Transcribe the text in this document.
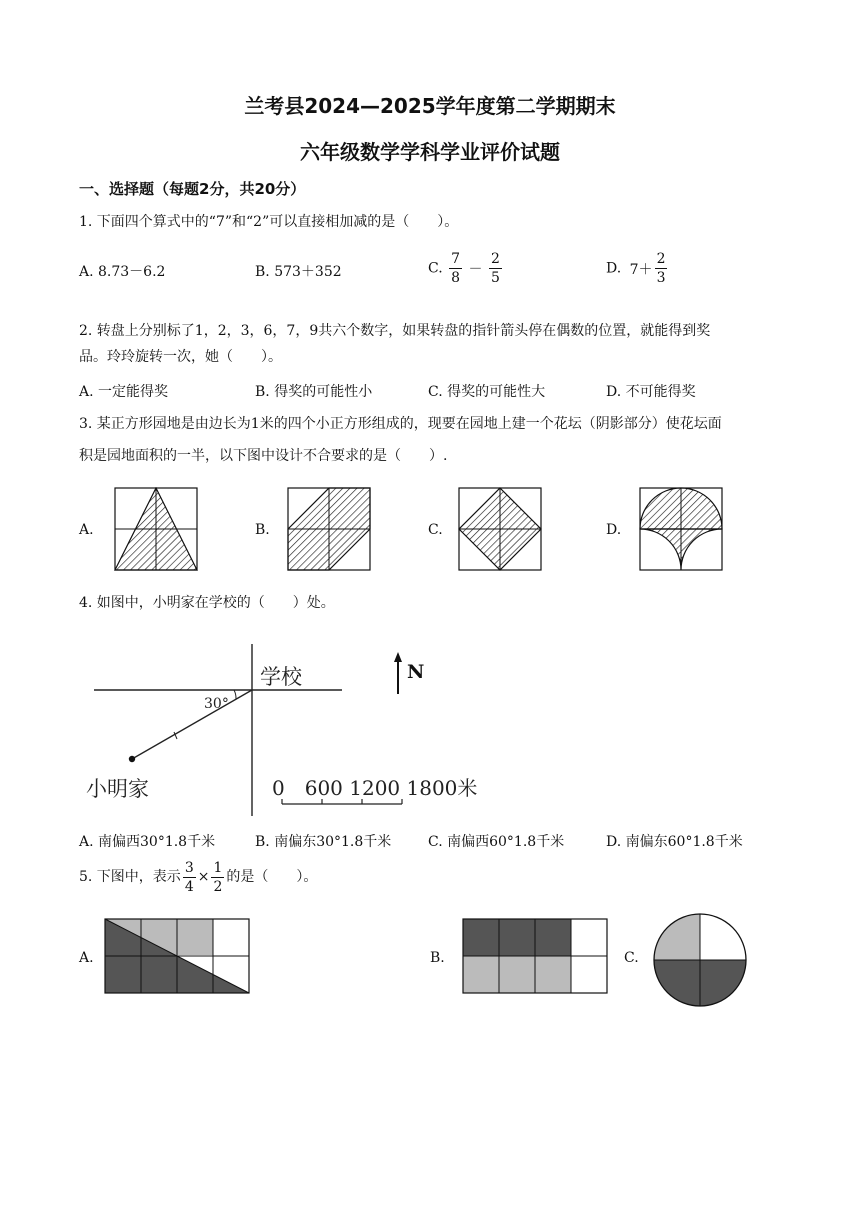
兰考县2024—2025学年度第二学期期末
六年级数学学科学业评价试题
一、选择题（每题2分，共20分）
1. 下面四个算式中的“7”和“2”可以直接相加减的是（　　）。
A. 8.73－6.2	B. 573＋352	C. $\frac{7}{8} - \frac{2}{5}$	D. $7+ \frac{2}{3}$
2. 转盘上分别标了1，2，3，6，7，9共六个数字，如果转盘的指针箭头停在偶数的位置，就能得到奖
品。玲玲旋转一次，她（　　）。
A. 一定能得奖	B. 得奖的可能性小	C. 得奖的可能性大	D. 不可能得奖
3. 某正方形园地是由边长为1米的四个小正方形组成的，现要在园地上建一个花坛（阴影部分）使花坛面
积是园地面积的一半，以下图中设计不合要求的是（　　）.
A.	B.	C.	D.
4. 如图中，小明家在学校的（　　）处。
30°
学校
小明家
N
0　600 1200 1800米
A. 南偏西30°1.8千米	B. 南偏东30°1.8千米	C. 南偏西60°1.8千米	D. 南偏东60°1.8千米
5. 下图中，表示 $\frac{3}{4} \times \frac{1}{2}$ 的是（　　）。
A.	B.	C.
